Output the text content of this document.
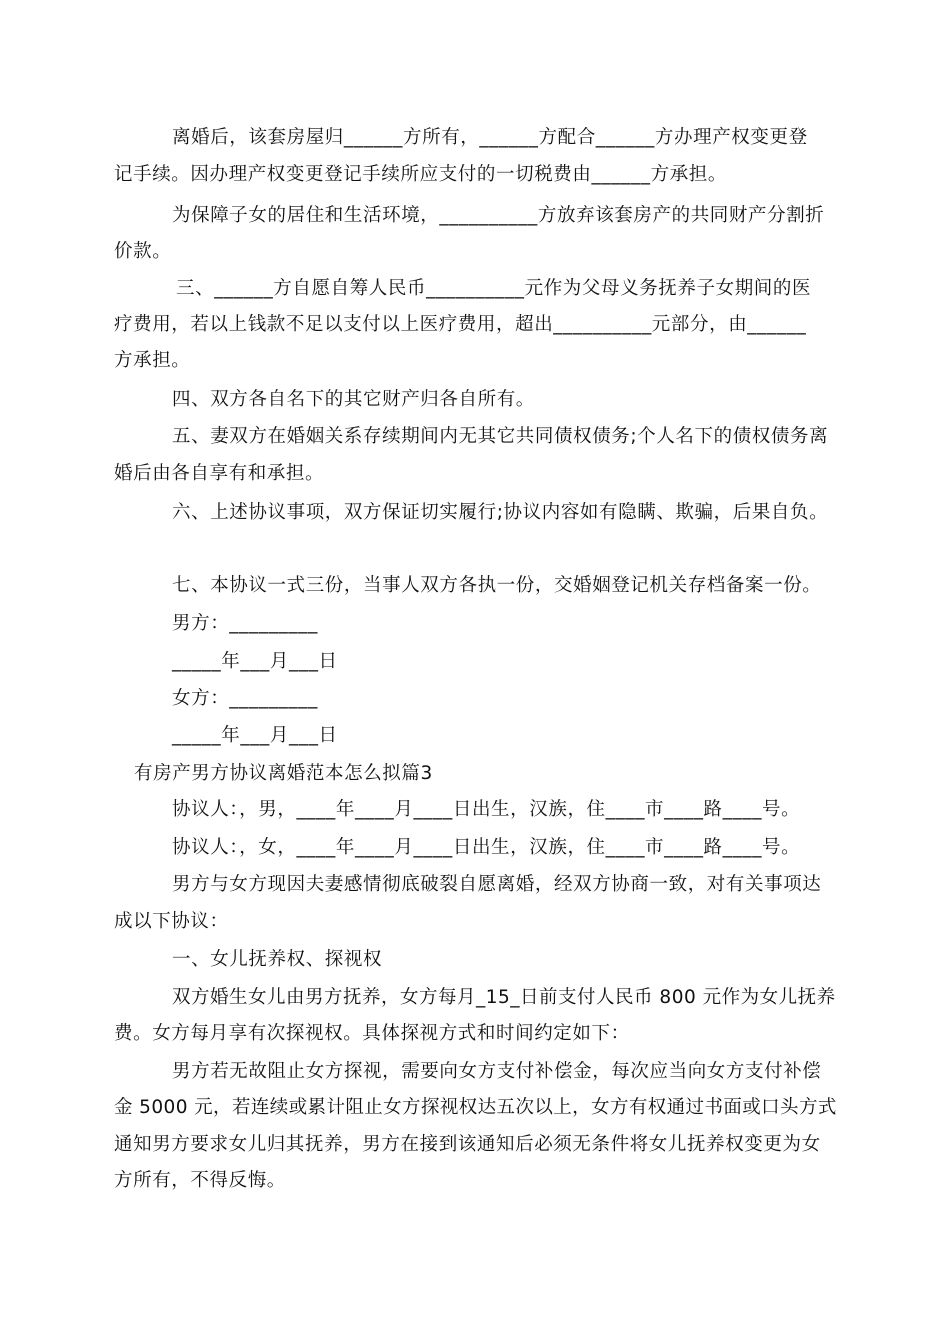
离婚后，该套房屋归______方所有，______方配合______方办理产权变更登
记手续。因办理产权变更登记手续所应支付的一切税费由______方承担。
为保障子女的居住和生活环境，__________方放弃该套房产的共同财产分割折
价款。
三、______方自愿自筹人民币__________元作为父母义务抚养子女期间的医
疗费用，若以上钱款不足以支付以上医疗费用，超出__________元部分，由______
方承担。
四、双方各自名下的其它财产归各自所有。
五、妻双方在婚姻关系存续期间内无其它共同债权债务;个人名下的债权债务离
婚后由各自享有和承担。
六、上述协议事项，双方保证切实履行;协议内容如有隐瞒、欺骗，后果自负。
七、本协议一式三份，当事人双方各执一份，交婚姻登记机关存档备案一份。
男方：_________
_____年___月___日
女方：_________
_____年___月___日
有房产男方协议离婚范本怎么拟篇3
协议人：，男，____年____月____日出生，汉族，住____市____路____号。
协议人：，女，____年____月____日出生，汉族，住____市____路____号。
男方与女方现因夫妻感情彻底破裂自愿离婚，经双方协商一致，对有关事项达
成以下协议：
一、女儿抚养权、探视权
双方婚生女儿由男方抚养，女方每月_15_日前支付人民币 800 元作为女儿抚养
费。女方每月享有次探视权。具体探视方式和时间约定如下：
男方若无故阻止女方探视，需要向女方支付补偿金，每次应当向女方支付补偿
金 5000 元，若连续或累计阻止女方探视权达五次以上，女方有权通过书面或口头方式
通知男方要求女儿归其抚养，男方在接到该通知后必须无条件将女儿抚养权变更为女
方所有，不得反悔。
